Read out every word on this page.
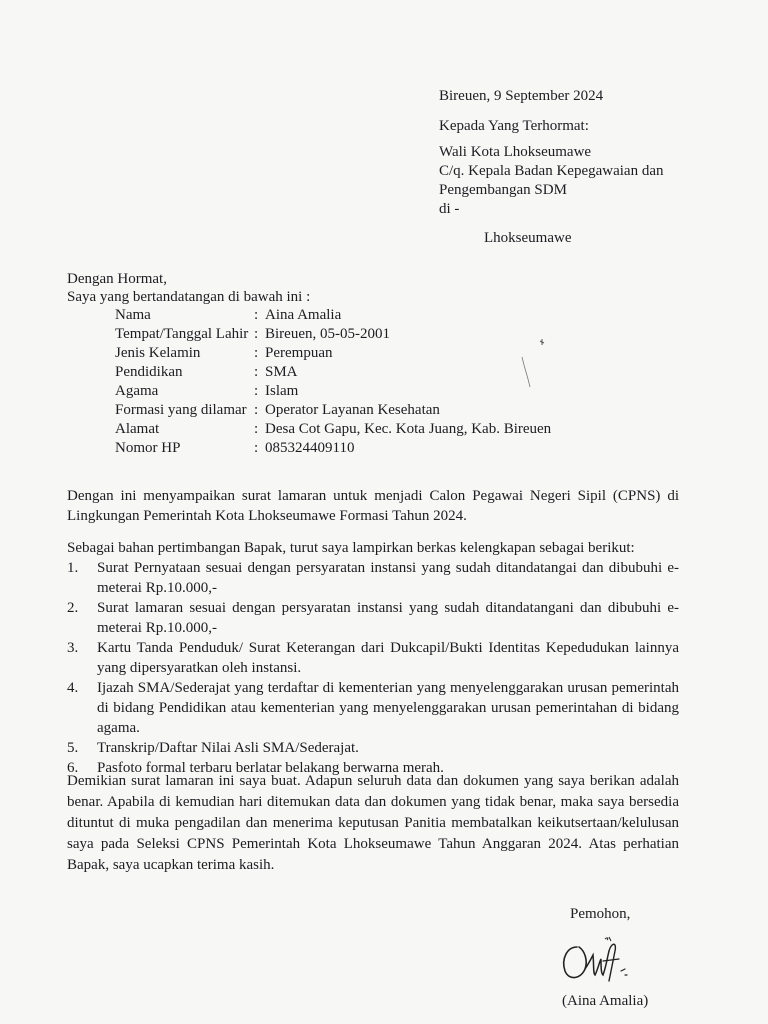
Bireuen, 9 September 2024

Kepada Yang Terhormat:

Wali Kota Lhokseumawe

C/q. Kepala Badan Kepegawaian dan

Pengembangan SDM

di -

Lhokseumawe

Dengan Hormat,

Saya yang bertandatangan di bawah ini :

Nama	: Aina Amalia
Tempat/Tanggal Lahir : Bireuen, 05-05-2001
Jenis Kelamin	: Perempuan
Pendidikan	: SMA
Agama	: Islam
Formasi yang dilamar : Operator Layanan Kesehatan
Alamat	: Desa Cot Gapu, Kec. Kota Juang, Kab. Bireuen
Nomor HP	: 085324409110

Dengan ini menyampaikan surat lamaran untuk menjadi Calon Pegawai Negeri Sipil (CPNS) di Lingkungan Pemerintah Kota Lhokseumawe Formasi Tahun 2024.

Sebagai bahan pertimbangan Bapak, turut saya lampirkan berkas kelengkapan sebagai berikut:

1. Surat Pernyataan sesuai dengan persyaratan instansi yang sudah ditandatangai dan dibubuhi e-meterai Rp.10.000,-
2. Surat lamaran sesuai dengan persyaratan instansi yang sudah ditandatangani dan dibubuhi e-meterai Rp.10.000,-
3. Kartu Tanda Penduduk/ Surat Keterangan dari Dukcapil/Bukti Identitas Kepedudukan lainnya yang dipersyaratkan oleh instansi.
4. Ijazah SMA/Sederajat yang terdaftar di kementerian yang menyelenggarakan urusan pemerintah di bidang Pendidikan atau kementerian yang menyelenggarakan urusan pemerintahan di bidang agama.
5. Transkrip/Daftar Nilai Asli SMA/Sederajat.
6. Pasfoto formal terbaru berlatar belakang berwarna merah.

Demikian surat lamaran ini saya buat. Adapun seluruh data dan dokumen yang saya berikan adalah benar. Apabila di kemudian hari ditemukan data dan dokumen yang tidak benar, maka saya bersedia dituntut di muka pengadilan dan menerima keputusan Panitia membatalkan keikutsertaan/kelulusan saya pada Seleksi CPNS Pemerintah Kota Lhokseumawe Tahun Anggaran 2024. Atas perhatian Bapak, saya ucapkan terima kasih.

Pemohon,

(Aina Amalia)
